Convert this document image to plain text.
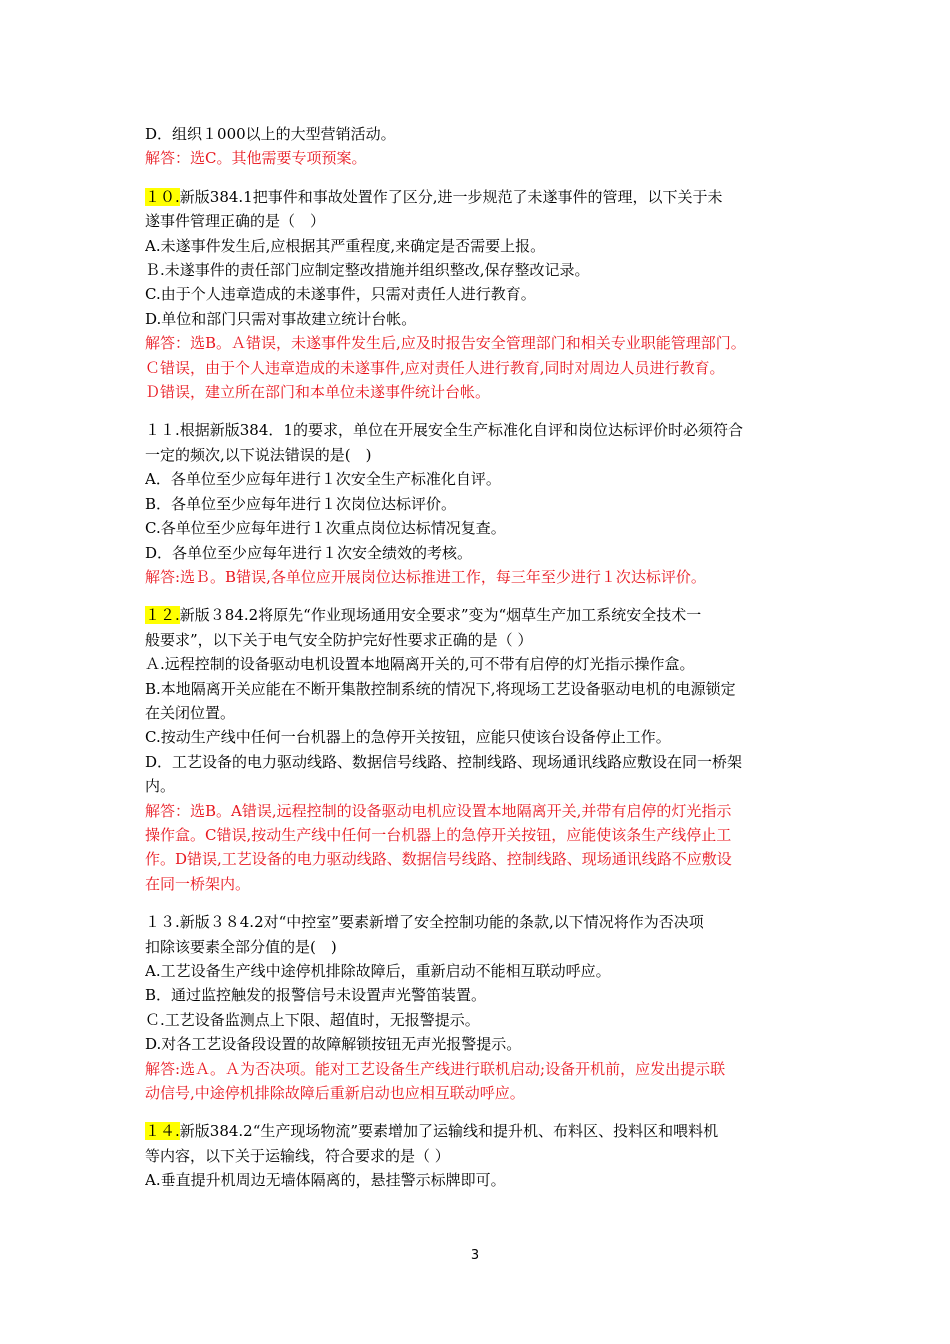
D．组织１000以上的大型营销活动。
解答：选C。其他需要专项预案。
１０.新版384.1把事件和事故处置作了区分,进一步规范了未遂事件的管理，以下关于未
遂事件管理正确的是（　）
A.未遂事件发生后,应根据其严重程度,来确定是否需要上报。
Ｂ.未遂事件的责任部门应制定整改措施并组织整改,保存整改记录。
C.由于个人违章造成的未遂事件，只需对责任人进行教育。
D.单位和部门只需对事故建立统计台帐。
解答：选B。Ａ错误，未遂事件发生后,应及时报告安全管理部门和相关专业职能管理部门。
Ｃ错误，由于个人违章造成的未遂事件,应对责任人进行教育,同时对周边人员进行教育。
Ｄ错误，建立所在部门和本单位未遂事件统计台帐。
１１.根据新版384．1的要求，单位在开展安全生产标准化自评和岗位达标评价时必须符合
一定的频次,以下说法错误的是(　)
A．各单位至少应每年进行１次安全生产标准化自评。
B．各单位至少应每年进行１次岗位达标评价。
C.各单位至少应每年进行１次重点岗位达标情况复查。
D．各单位至少应每年进行１次安全绩效的考核。
解答:选Ｂ。B错误,各单位应开展岗位达标推进工作，每三年至少进行１次达标评价。
１２.新版３84.2将原先“作业现场通用安全要求”变为“烟草生产加工系统安全技术一
般要求”，以下关于电气安全防护完好性要求正确的是（ ）
Ａ.远程控制的设备驱动电机设置本地隔离开关的,可不带有启停的灯光指示操作盒。
B.本地隔离开关应能在不断开集散控制系统的情况下,将现场工艺设备驱动电机的电源锁定
在关闭位置。
C.按动生产线中任何一台机器上的急停开关按钮，应能只使该台设备停止工作。
D．工艺设备的电力驱动线路、数据信号线路、控制线路、现场通讯线路应敷设在同一桥架
内。
解答：选B。A错误,远程控制的设备驱动电机应设置本地隔离开关,并带有启停的灯光指示
操作盒。C错误,按动生产线中任何一台机器上的急停开关按钮，应能使该条生产线停止工
作。D错误,工艺设备的电力驱动线路、数据信号线路、控制线路、现场通讯线路不应敷设
在同一桥架内。
１３.新版３８4.2对“中控室”要素新增了安全控制功能的条款,以下情况将作为否决项
扣除该要素全部分值的是(　)
A.工艺设备生产线中途停机排除故障后，重新启动不能相互联动呼应。
B．通过监控触发的报警信号未设置声光警笛装置。
Ｃ.工艺设备监测点上下限、超值时，无报警提示。
D.对各工艺设备段设置的故障解锁按钮无声光报警提示。
解答:选Ａ。Ａ为否决项。能对工艺设备生产线进行联机启动;设备开机前，应发出提示联
动信号,中途停机排除故障后重新启动也应相互联动呼应。
１４.新版384.2“生产现场物流”要素增加了运输线和提升机、布料区、投料区和喂料机
等内容，以下关于运输线，符合要求的是（ ）
A.垂直提升机周边无墙体隔离的，悬挂警示标牌即可。
3
